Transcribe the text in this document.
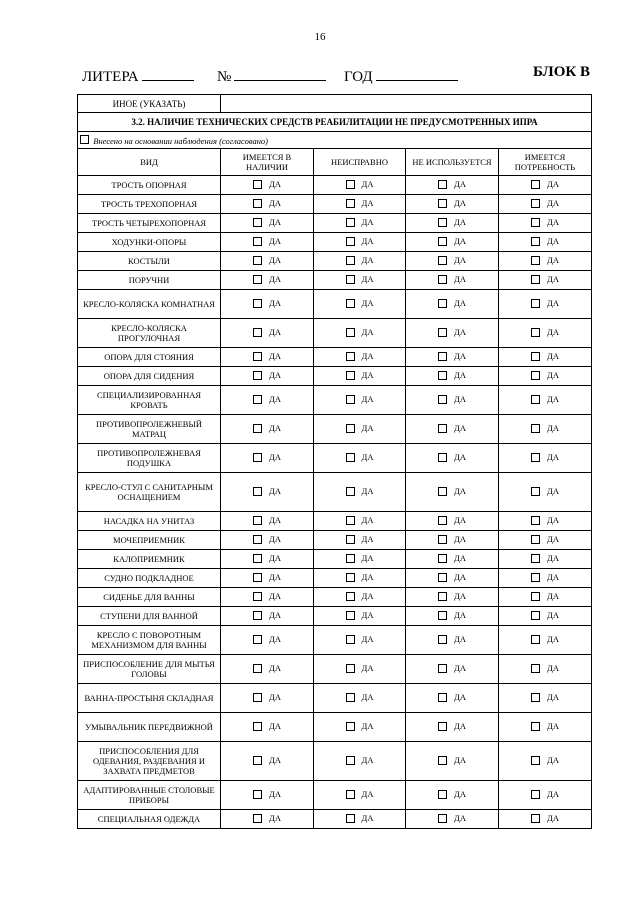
16
ЛИТЕРА	№	ГОД	БЛОК В
ИНОЕ (УКАЗАТЬ)				
3.2. НАЛИЧИЕ ТЕХНИЧЕСКИХ СРЕДСТВ РЕАБИЛИТАЦИИ НЕ ПРЕДУСМОТРЕННЫХ ИПРА				
Внесено на основании наблюдения (согласовано)				
ВИД	ИМЕЕТСЯ В НАЛИЧИИ	НЕИСПРАВНО	НЕ ИСПОЛЬЗУЕТСЯ	ИМЕЕТСЯ ПОТРЕБНОСТЬ
ТРОСТЬ ОПОРНАЯ	ДА	ДА	ДА	ДА

ТРОСТЬ ТРЕХОПОРНАЯ	ДА	ДА	ДА	ДА

ТРОСТЬ ЧЕТЫРЕХОПОРНАЯ	ДА	ДА	ДА	ДА

ХОДУНКИ-ОПОРЫ	ДА	ДА	ДА	ДА

КОСТЫЛИ	ДА	ДА	ДА	ДА

ПОРУЧНИ	ДА	ДА	ДА	ДА

КРЕСЛО-КОЛЯСКА КОМНАТНАЯ	ДА	ДА	ДА	ДА

КРЕСЛО-КОЛЯСКА ПРОГУЛОЧНАЯ	ДА	ДА	ДА	ДА

ОПОРА ДЛЯ СТОЯНИЯ	ДА	ДА	ДА	ДА

ОПОРА ДЛЯ СИДЕНИЯ	ДА	ДА	ДА	ДА

СПЕЦИАЛИЗИРОВАННАЯ КРОВАТЬ	ДА	ДА	ДА	ДА

ПРОТИВОПРОЛЕЖНЕВЫЙ МАТРАЦ	ДА	ДА	ДА	ДА

ПРОТИВОПРОЛЕЖНЕВАЯ ПОДУШКА	ДА	ДА	ДА	ДА

КРЕСЛО-СТУЛ С САНИТАРНЫМ ОСНАЩЕНИЕМ	ДА	ДА	ДА	ДА

НАСАДКА НА УНИТАЗ	ДА	ДА	ДА	ДА

МОЧЕПРИЕМНИК	ДА	ДА	ДА	ДА

КАЛОПРИЕМНИК	ДА	ДА	ДА	ДА

СУДНО ПОДКЛАДНОЕ	ДА	ДА	ДА	ДА

СИДЕНЬЕ ДЛЯ ВАННЫ	ДА	ДА	ДА	ДА

СТУПЕНИ ДЛЯ ВАННОЙ	ДА	ДА	ДА	ДА

КРЕСЛО С ПОВОРОТНЫМ МЕХАНИЗМОМ ДЛЯ ВАННЫ	ДА	ДА	ДА	ДА

ПРИСПОСОБЛЕНИЕ ДЛЯ МЫТЬЯ ГОЛОВЫ	ДА	ДА	ДА	ДА

ВАННА-ПРОСТЫНЯ СКЛАДНАЯ	ДА	ДА	ДА	ДА

УМЫВАЛЬНИК ПЕРЕДВИЖНОЙ	ДА	ДА	ДА	ДА

ПРИСПОСОБЛЕНИЯ ДЛЯ ОДЕВАНИЯ, РАЗДЕВАНИЯ И ЗАХВАТА ПРЕДМЕТОВ	ДА	ДА	ДА	ДА

АДАПТИРОВАННЫЕ СТОЛОВЫЕ ПРИБОРЫ	ДА	ДА	ДА	ДА

СПЕЦИАЛЬНАЯ ОДЕЖДА	ДА	ДА	ДА	ДА
